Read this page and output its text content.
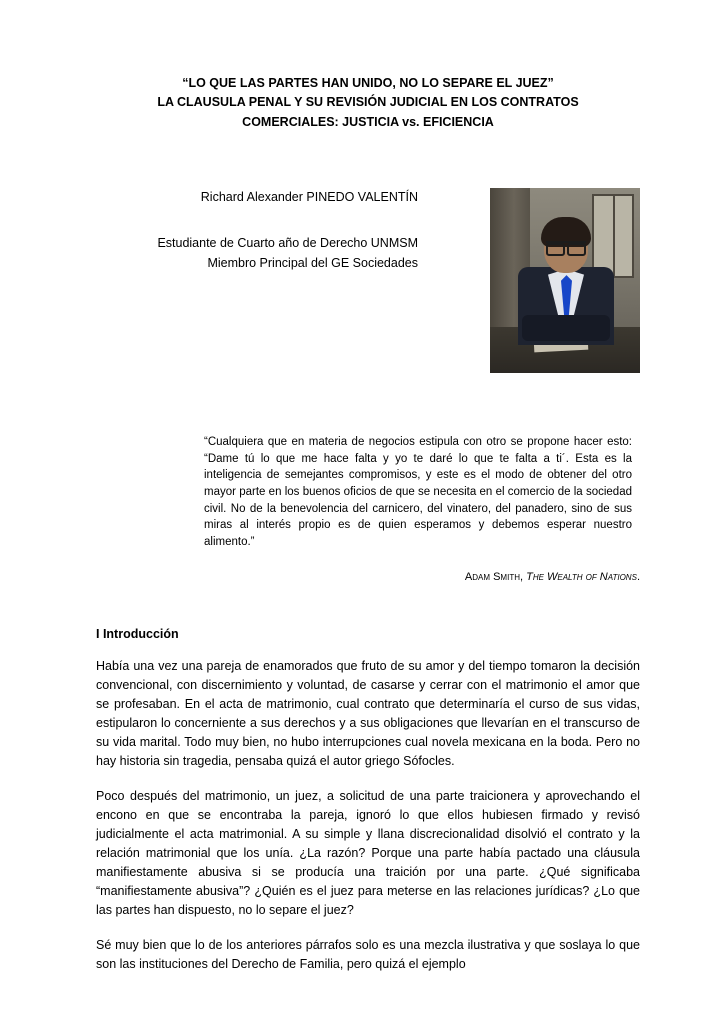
“LO QUE LAS PARTES HAN UNIDO, NO LO SEPARE EL JUEZ”
LA CLAUSULA PENAL Y SU REVISIÓN JUDICIAL EN LOS CONTRATOS
COMERCIALES: JUSTICIA vs. EFICIENCIA
Richard Alexander PINEDO VALENTÍN
Estudiante de Cuarto año de Derecho UNMSM
Miembro Principal del GE Sociedades
“Cualquiera que en materia de negocios estipula con otro se propone hacer esto: “Dame tú lo que me hace falta y yo te daré lo que te falta a ti´. Esta es la inteligencia de semejantes compromisos, y este es el modo de obtener del otro mayor parte en los buenos oficios de que se necesita en el comercio de la sociedad civil. No de la benevolencia del carnicero, del vinatero, del panadero, sino de sus miras al interés propio es de quien esperamos y debemos esperar nuestro alimento.”
Adam Smith, The Wealth of Nations.
I Introducción
Había una vez una pareja de enamorados que fruto de su amor y del tiempo tomaron la decisión convencional, con discernimiento y voluntad, de casarse y cerrar con el matrimonio el amor que se profesaban. En el acta de matrimonio, cual contrato que determinaría el curso de sus vidas, estipularon lo concerniente a sus derechos y a sus obligaciones que llevarían en el transcurso de su vida marital. Todo muy bien, no hubo interrupciones cual novela mexicana en la boda. Pero no hay historia sin tragedia, pensaba quizá el autor griego Sófocles.
Poco después del matrimonio, un juez, a solicitud de una parte traicionera y aprovechando el encono en que se encontraba la pareja, ignoró lo que ellos hubiesen firmado y revisó judicialmente el acta matrimonial. A su simple y llana discrecionalidad disolvió el contrato y la relación matrimonial que los unía. ¿La razón? Porque una parte había pactado una cláusula manifiestamente abusiva si se producía una traición por una parte. ¿Qué significaba “manifiestamente abusiva”? ¿Quién es el juez para meterse en las relaciones jurídicas? ¿Lo que las partes han dispuesto, no lo separe el juez?
Sé muy bien que lo de los anteriores párrafos solo es una mezcla ilustrativa y que soslaya lo que son las instituciones del Derecho de Familia, pero quizá el ejemplo
